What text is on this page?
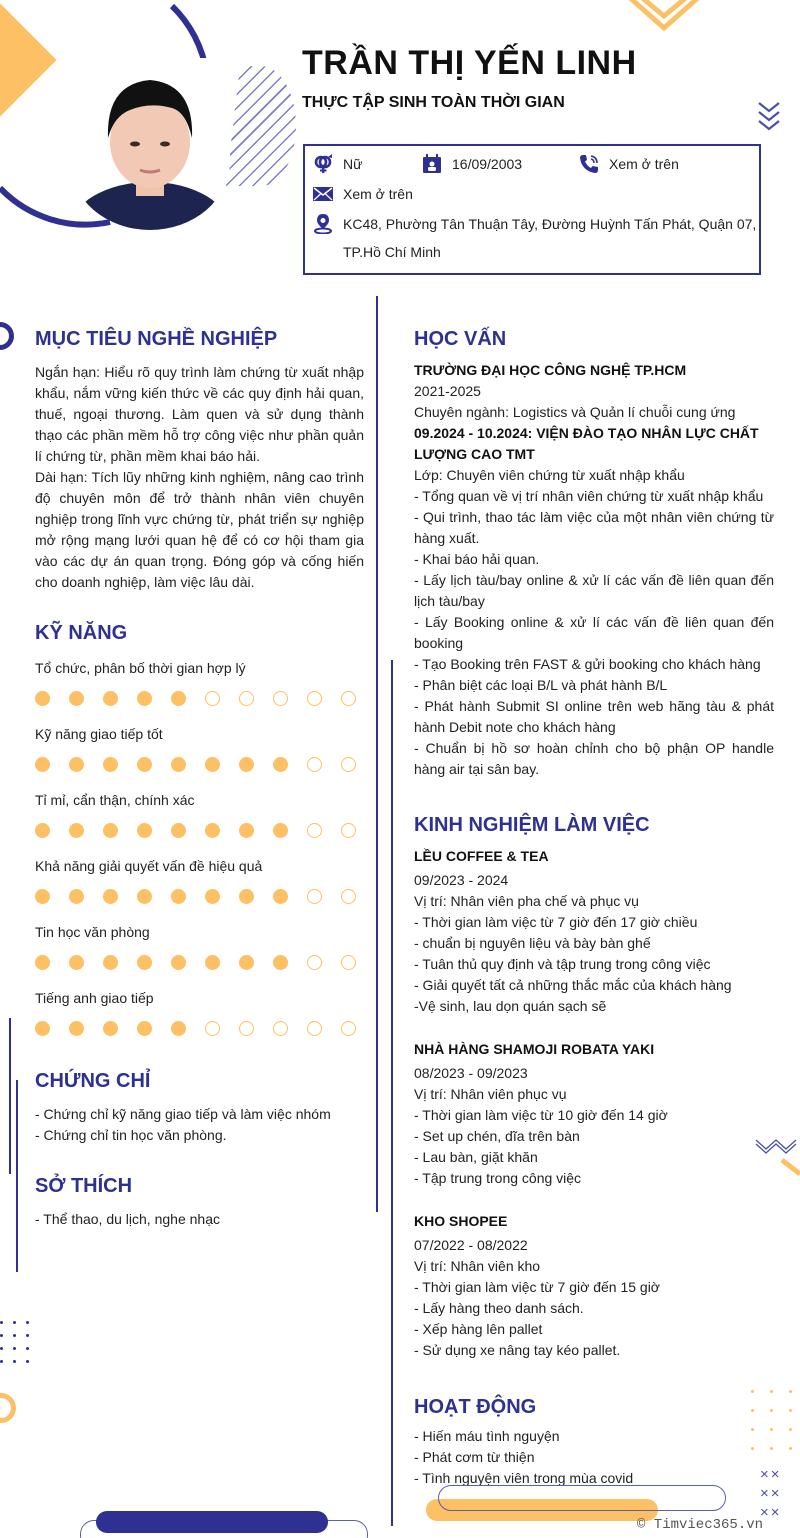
TRẦN THỊ YẾN LINH
THỰC TẬP SINH TOÀN THỜI GIAN
Nữ	16/09/2003	Xem ở trên
Xem ở trên
KC48, Phường Tân Thuận Tây, Đường Huỳnh Tấn Phát, Quận 07,
TP.Hồ Chí Minh
MỤC TIÊU NGHỀ NGHIỆP

Ngắn hạn: Hiểu rõ quy trình làm chứng từ xuất nhập khẩu, nắm vững kiến thức về các quy định hải quan, thuế, ngoại thương. Làm quen và sử dụng thành thạo các phần mềm hỗ trợ công việc như phần quản lí chứng từ, phần mềm khai báo hải.

Dài hạn: Tích lũy những kinh nghiệm, nâng cao trình độ chuyên môn để trở thành nhân viên chuyên nghiệp trong lĩnh vực chứng từ, phát triển sự nghiệp mở rộng mạng lưới quan hệ để có cơ hội tham gia vào các dự án quan trọng. Đóng góp và cống hiến cho doanh nghiệp, làm việc lâu dài.

KỸ NĂNG
Tổ chức, phân bố thời gian hợp lý
Kỹ năng giao tiếp tốt
Tỉ mỉ, cẩn thận, chính xác
Khả năng giải quyết vấn đề hiệu quả
Tin học văn phòng
Tiếng anh giao tiếp
CHỨNG CHỈ
- Chứng chỉ kỹ năng giao tiếp và làm việc nhóm
- Chứng chỉ tin học văn phòng.
SỞ THÍCH
- Thể thao, du lịch, nghe nhạc
HỌC VẤN
TRƯỜNG ĐẠI HỌC CÔNG NGHỆ TP.HCM
2021-2025
Chuyên ngành: Logistics và Quản lí chuỗi cung ứng
09.2024 - 10.2024: VIỆN ĐÀO TẠO NHÂN LỰC CHẤT LƯỢNG CAO TMT
Lớp: Chuyên viên chứng từ xuất nhập khẩu
- Tổng quan về vị trí nhân viên chứng từ xuất nhập khẩu
- Qui trình, thao tác làm việc của một nhân viên chứng từ hàng xuất.
- Khai báo hải quan.
- Lấy lịch tàu/bay online & xử lí các vấn đề liên quan đến lịch tàu/bay
- Lấy Booking online & xử lí các vấn đề liên quan đến booking
- Tạo Booking trên FAST & gửi booking cho khách hàng
- Phân biệt các loại B/L và phát hành B/L
- Phát hành Submit SI online trên web hãng tàu & phát hành Debit note cho khách hàng
- Chuẩn bị hồ sơ hoàn chỉnh cho bộ phận OP handle hàng air tại sân bay.
KINH NGHIỆM LÀM VIỆC
LỀU COFFEE & TEA
09/2023 - 2024
Vị trí: Nhân viên pha chế và phục vụ
- Thời gian làm việc từ 7 giờ đến 17 giờ chiều
- chuẩn bị nguyên liệu và bày bàn ghế
- Tuân thủ quy định và tập trung trong công việc
- Giải quyết tất cả những thắc mắc của khách hàng
-Vệ sinh, lau dọn quán sạch sẽ
NHÀ HÀNG SHAMOJI ROBATA YAKI
08/2023 - 09/2023
Vị trí: Nhân viên phục vụ
- Thời gian làm việc từ 10 giờ đến 14 giờ
- Set up chén, dĩa trên bàn
- Lau bàn, giặt khăn
- Tập trung trong công việc
KHO SHOPEE
07/2022 - 08/2022
Vị trí: Nhân viên kho
- Thời gian làm việc từ 7 giờ đến 15 giờ
- Lấy hàng theo danh sách.
- Xếp hàng lên pallet
- Sử dụng xe nâng tay kéo pallet.
HOẠT ĐỘNG
- Hiến máu tình nguyện
- Phát cơm từ thiện
- Tình nguyện viên trong mùa covid	××
××
××
© Timviec365.vn
